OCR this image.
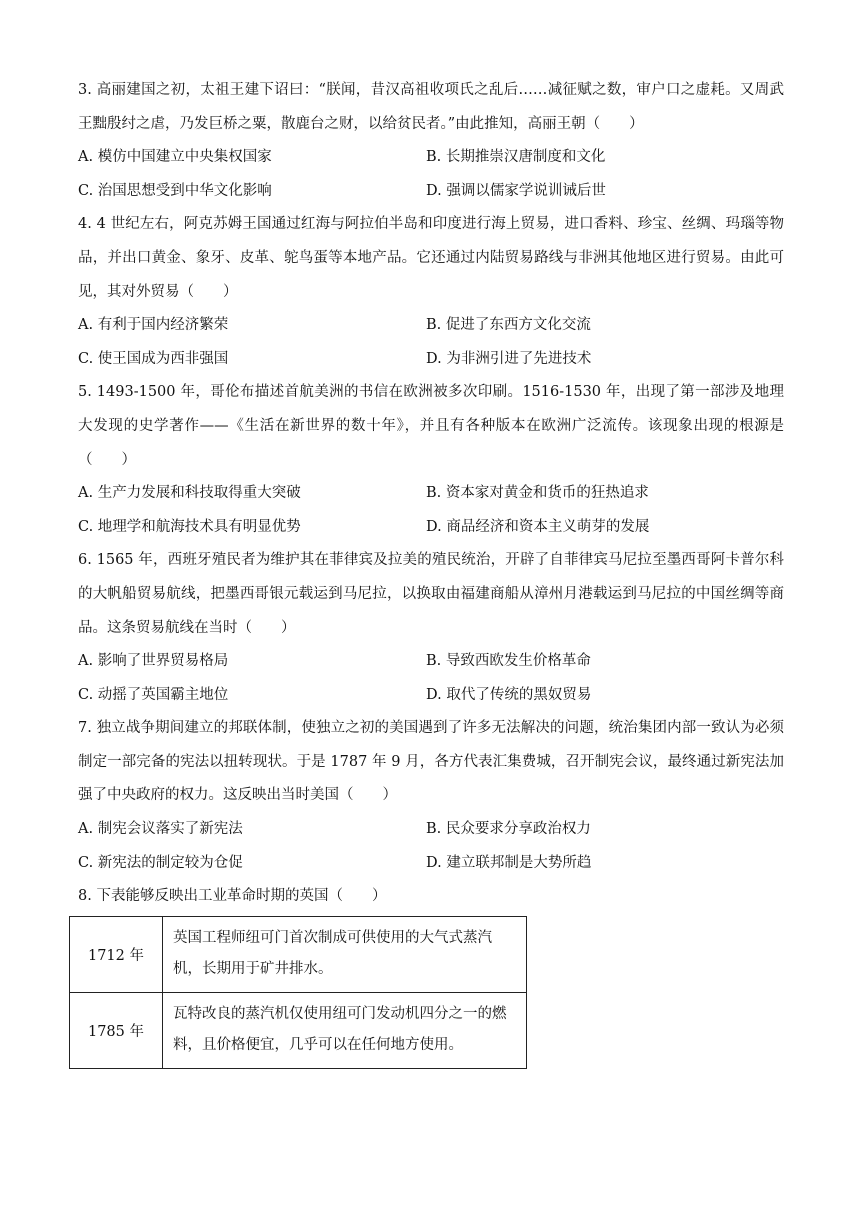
3. 高丽建国之初，太祖王建下诏曰：“朕闻，昔汉高祖收项氏之乱后……减征赋之数，审户口之虚耗。又周武王黜殷纣之虐，乃发巨桥之粟，散鹿台之财，以给贫民者。”由此推知，高丽王朝（　　）

A. 模仿中国建立中央集权国家	B. 长期推崇汉唐制度和文化
C. 治国思想受到中华文化影响	D. 强调以儒家学说训诫后世

4. 4 世纪左右，阿克苏姆王国通过红海与阿拉伯半岛和印度进行海上贸易，进口香料、珍宝、丝绸、玛瑙等物品，并出口黄金、象牙、皮革、鸵鸟蛋等本地产品。它还通过内陆贸易路线与非洲其他地区进行贸易。由此可见，其对外贸易（　　）

A. 有利于国内经济繁荣	B. 促进了东西方文化交流
C. 使王国成为西非强国	D. 为非洲引进了先进技术

5. 1493-1500 年，哥伦布描述首航美洲的书信在欧洲被多次印刷。1516-1530 年，出现了第一部涉及地理大发现的史学著作——《生活在新世界的数十年》，并且有各种版本在欧洲广泛流传。该现象出现的根源是（　　）

A. 生产力发展和科技取得重大突破	B. 资本家对黄金和货币的狂热追求
C. 地理学和航海技术具有明显优势	D. 商品经济和资本主义萌芽的发展

6. 1565 年，西班牙殖民者为维护其在菲律宾及拉美的殖民统治，开辟了自菲律宾马尼拉至墨西哥阿卡普尔科的大帆船贸易航线，把墨西哥银元载运到马尼拉，以换取由福建商船从漳州月港载运到马尼拉的中国丝绸等商品。这条贸易航线在当时（　　）

A. 影响了世界贸易格局	B. 导致西欧发生价格革命
C. 动摇了英国霸主地位	D. 取代了传统的黑奴贸易

7. 独立战争期间建立的邦联体制，使独立之初的美国遇到了许多无法解决的问题，统治集团内部一致认为必须制定一部完备的宪法以扭转现状。于是 1787 年 9 月，各方代表汇集费城，召开制宪会议，最终通过新宪法加强了中央政府的权力。这反映出当时美国（　　）

A. 制宪会议落实了新宪法	B. 民众要求分享政治权力
C. 新宪法的制定较为仓促	D. 建立联邦制是大势所趋

8. 下表能够反映出工业革命时期的英国（　　）

1712 年	英国工程师纽可门首次制成可供使用的大气式蒸汽机，长期用于矿井排水。
1785 年	瓦特改良的蒸汽机仅使用纽可门发动机四分之一的燃料，且价格便宜，几乎可以在任何地方使用。
